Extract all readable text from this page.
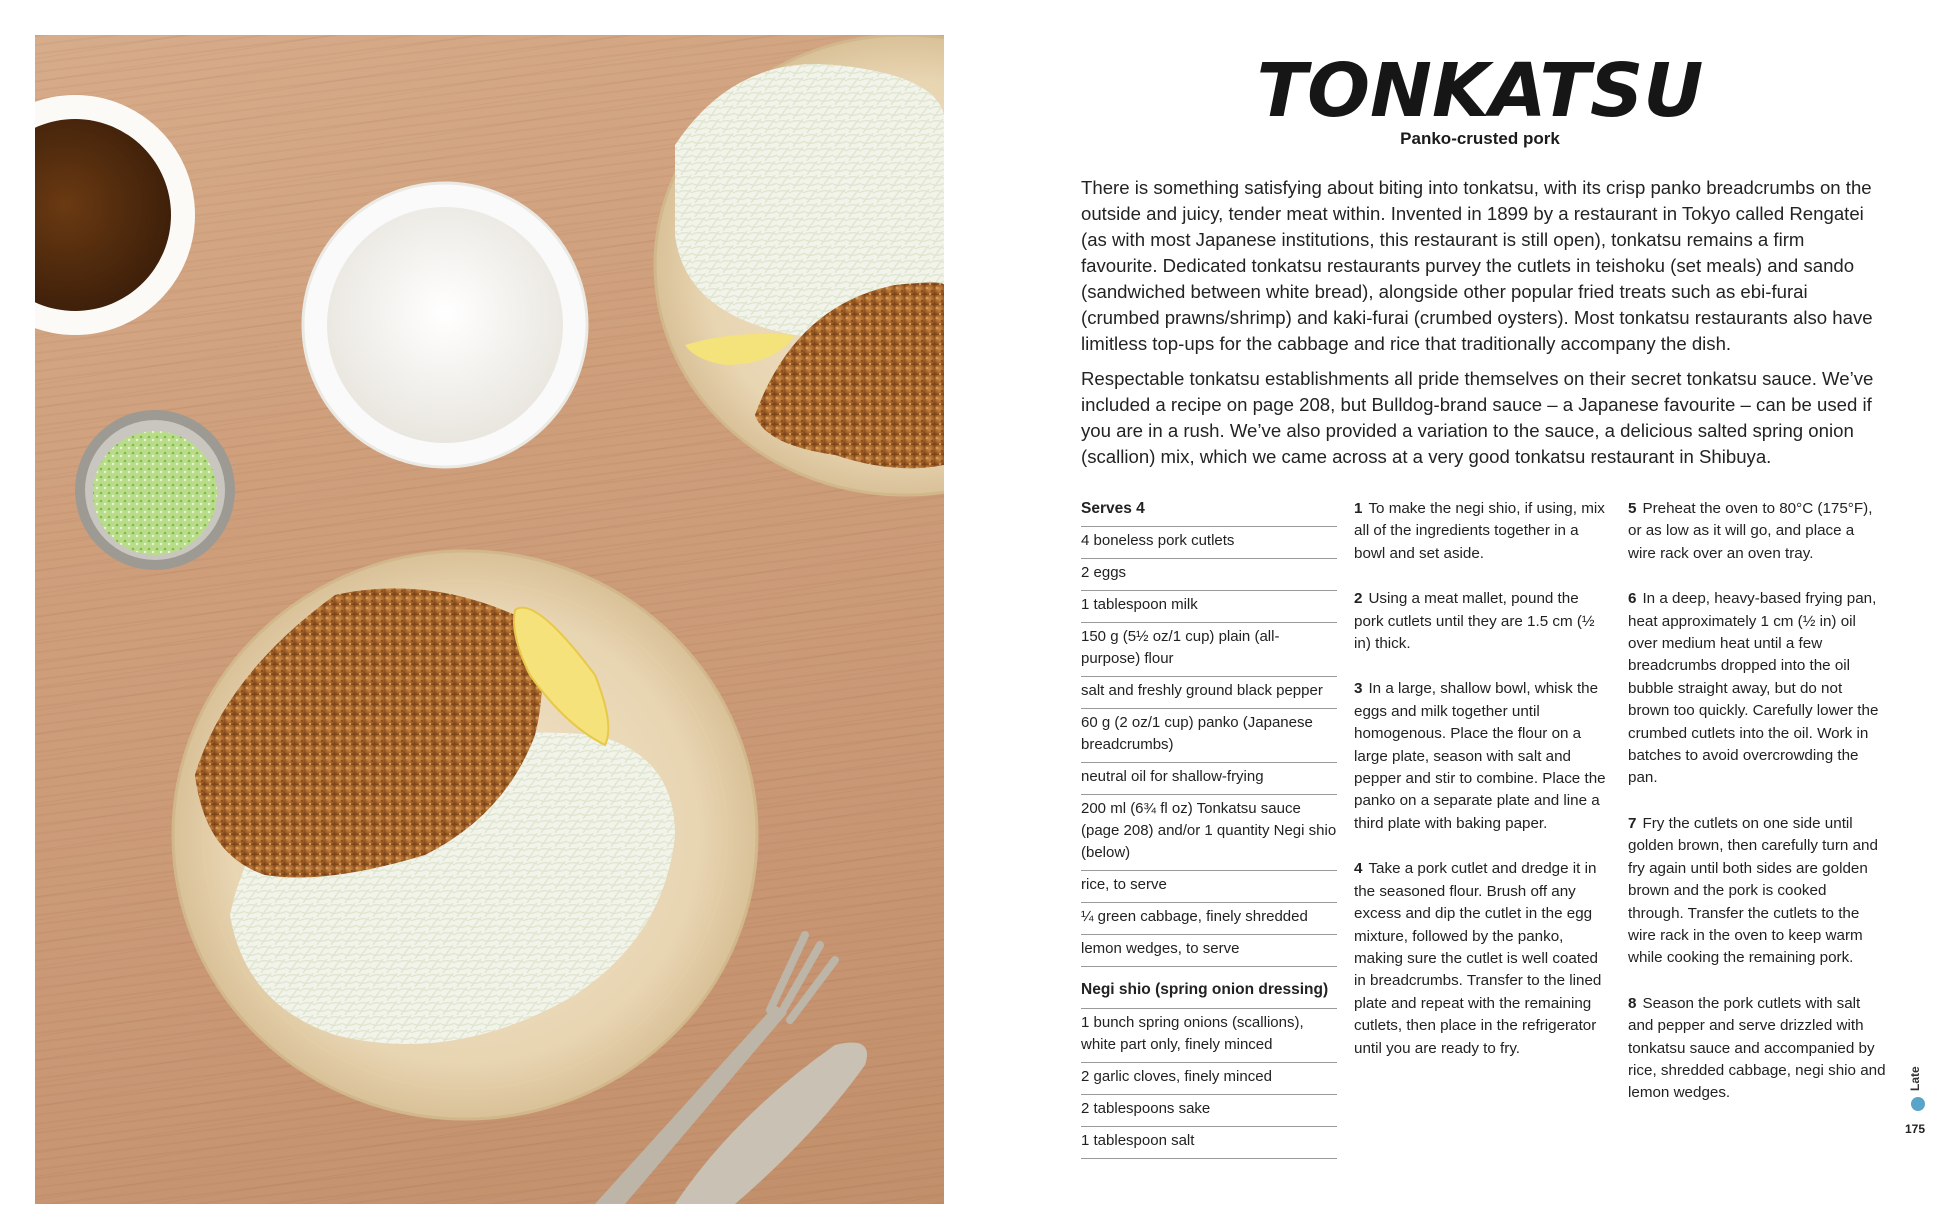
TONKATSU
Panko-crusted pork

There is something satisfying about biting into tonkatsu, with its crisp panko breadcrumbs on the outside and juicy, tender meat within. Invented in 1899 by a restaurant in Tokyo called Rengatei (as with most Japanese institutions, this restaurant is still open), tonkatsu remains a firm favourite. Dedicated tonkatsu restaurants purvey the cutlets in teishoku (set meals) and sando (sandwiched between white bread), alongside other popular fried treats such as ebi-furai (crumbed prawns/shrimp) and kaki-furai (crumbed oysters). Most tonkatsu restaurants also have limitless top-ups for the cabbage and rice that traditionally accompany the dish.

Respectable tonkatsu establishments all pride themselves on their secret tonkatsu sauce. We’ve included a recipe on page 208, but Bulldog-brand sauce – a Japanese favourite – can be used if you are in a rush. We’ve also provided a variation to the sauce, a delicious salted spring onion (scallion) mix, which we came across at a very good tonkatsu restaurant in Shibuya.

Serves 4
4 boneless pork cutlets
2 eggs
1 tablespoon milk
150 g (5½ oz/1 cup) plain (all-purpose) flour
salt and freshly ground black pepper
60 g (2 oz/1 cup) panko (Japanese breadcrumbs)
neutral oil for shallow-frying
200 ml (6¾ fl oz) Tonkatsu sauce (page 208) and/or 1 quantity Negi shio (below)
rice, to serve
¼ green cabbage, finely shredded
lemon wedges, to serve
Negi shio (spring onion dressing)
1 bunch spring onions (scallions), white part only, finely minced
2 garlic cloves, finely minced
2 tablespoons sake
1 tablespoon salt
1 To make the negi shio, if using, mix all of the ingredients together in a bowl and set aside.
2 Using a meat mallet, pound the pork cutlets until they are 1.5 cm (½ in) thick.
3 In a large, shallow bowl, whisk the eggs and milk together until homogenous. Place the flour on a large plate, season with salt and pepper and stir to combine. Place the panko on a separate plate and line a third plate with baking paper.
4 Take a pork cutlet and dredge it in the seasoned flour. Brush off any excess and dip the cutlet in the egg mixture, followed by the panko, making sure the cutlet is well coated in breadcrumbs. Transfer to the lined plate and repeat with the remaining cutlets, then place in the refrigerator until you are ready to fry.
5 Preheat the oven to 80°C (175°F), or as low as it will go, and place a wire rack over an oven tray.
6 In a deep, heavy-based frying pan, heat approximately 1 cm (½ in) oil over medium heat until a few breadcrumbs dropped into the oil bubble straight away, but do not brown too quickly. Carefully lower the crumbed cutlets into the oil. Work in batches to avoid overcrowding the pan.
7 Fry the cutlets on one side until golden brown, then carefully turn and fry again until both sides are golden brown and the pork is cooked through. Transfer the cutlets to the wire rack in the oven to keep warm while cooking the remaining pork.
8 Season the pork cutlets with salt and pepper and serve drizzled with tonkatsu sauce and accompanied by rice, shredded cabbage, negi shio and lemon wedges.
Late
175
